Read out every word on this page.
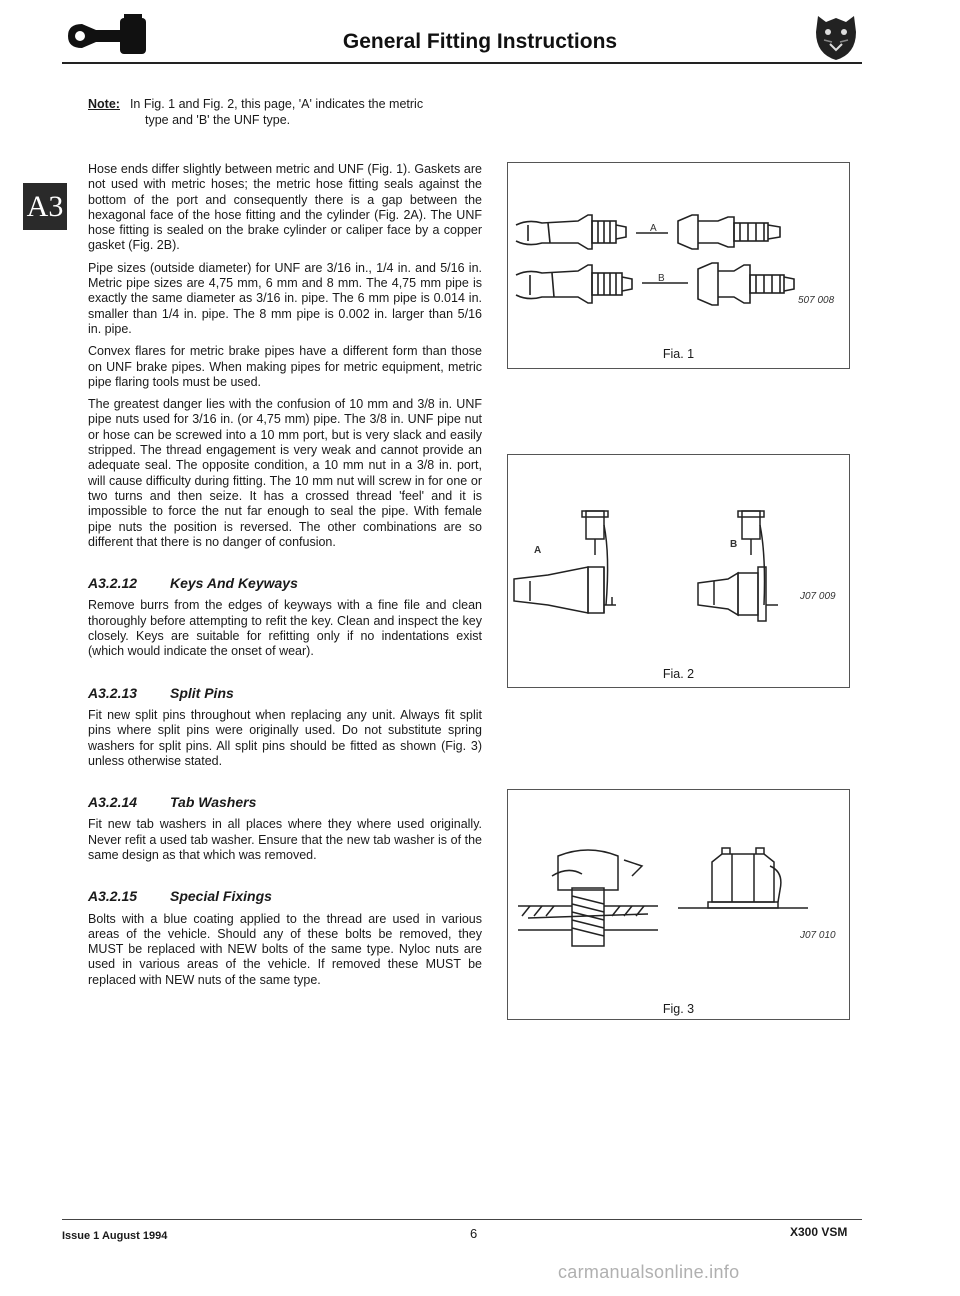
General Fitting Instructions
Note: In Fig. 1 and Fig. 2, this page, 'A' indicates the metric
type and 'B' the UNF type.
A3

Hose ends differ slightly between metric and UNF (Fig. 1). Gaskets are not used with metric hoses; the metric hose fitting seals against the bottom of the port and consequently there is a gap between the hexagonal face of the hose fitting and the cylinder (Fig. 2A). The UNF hose fitting is sealed on the brake cylinder or caliper face by a copper gasket (Fig. 2B).

Pipe sizes (outside diameter) for UNF are 3/16 in., 1/4 in. and 5/16 in. Metric pipe sizes are 4,75 mm, 6 mm and 8 mm. The 4,75 mm pipe is exactly the same diameter as 3/16 in. pipe. The 6 mm pipe is 0.014 in. smaller than 1/4 in. pipe. The 8 mm pipe is 0.002 in. larger than 5/16 in. pipe.

Convex flares for metric brake pipes have a different form than those on UNF brake pipes. When making pipes for metric equipment, metric pipe flaring tools must be used.

The greatest danger lies with the confusion of 10 mm and 3/8 in. UNF pipe nuts used for 3/16 in. (or 4,75 mm) pipe. The 3/8 in. UNF pipe nut or hose can be screwed into a 10 mm port, but is very slack and easily stripped. The thread engagement is very weak and cannot provide an adequate seal. The opposite condition, a 10 mm nut in a 3/8 in. port, will cause difficulty during fitting. The 10 mm nut will screw in for one or two turns and then seize. It has a crossed thread 'feel' and it is impossible to force the nut far enough to seal the pipe. With female pipe nuts the position is reversed. The other combinations are so different that there is no danger of confusion.

A3.2.12 Keys And Keyways

Remove burrs from the edges of keyways with a fine file and clean thoroughly before attempting to refit the key. Clean and inspect the key closely. Keys are suitable for refitting only if no indentations exist (which would indicate the onset of wear).

A3.2.13 Split Pins

Fit new split pins throughout when replacing any unit. Always fit split pins where split pins were originally used. Do not substitute spring washers for split pins. All split pins should be fitted as shown (Fig. 3) unless otherwise stated.

A3.2.14 Tab Washers

Fit new tab washers in all places where they where used originally. Never refit a used tab washer. Ensure that the new tab washer is of the same design as that which was removed.

A3.2.15 Special Fixings

Bolts with a blue coating applied to the thread are used in various areas of the vehicle. Should any of these bolts be removed, they MUST be replaced with NEW bolts of the same type. Nyloc nuts are used in various areas of the vehicle. If removed these MUST be replaced with NEW nuts of the same type.

A
B
507 008
Fia. 1
A
B
J07 009
Fia. 2
J07 010
Fig. 3
Issue 1 August 1994	6	X300 VSM
carmanualsonline.info
